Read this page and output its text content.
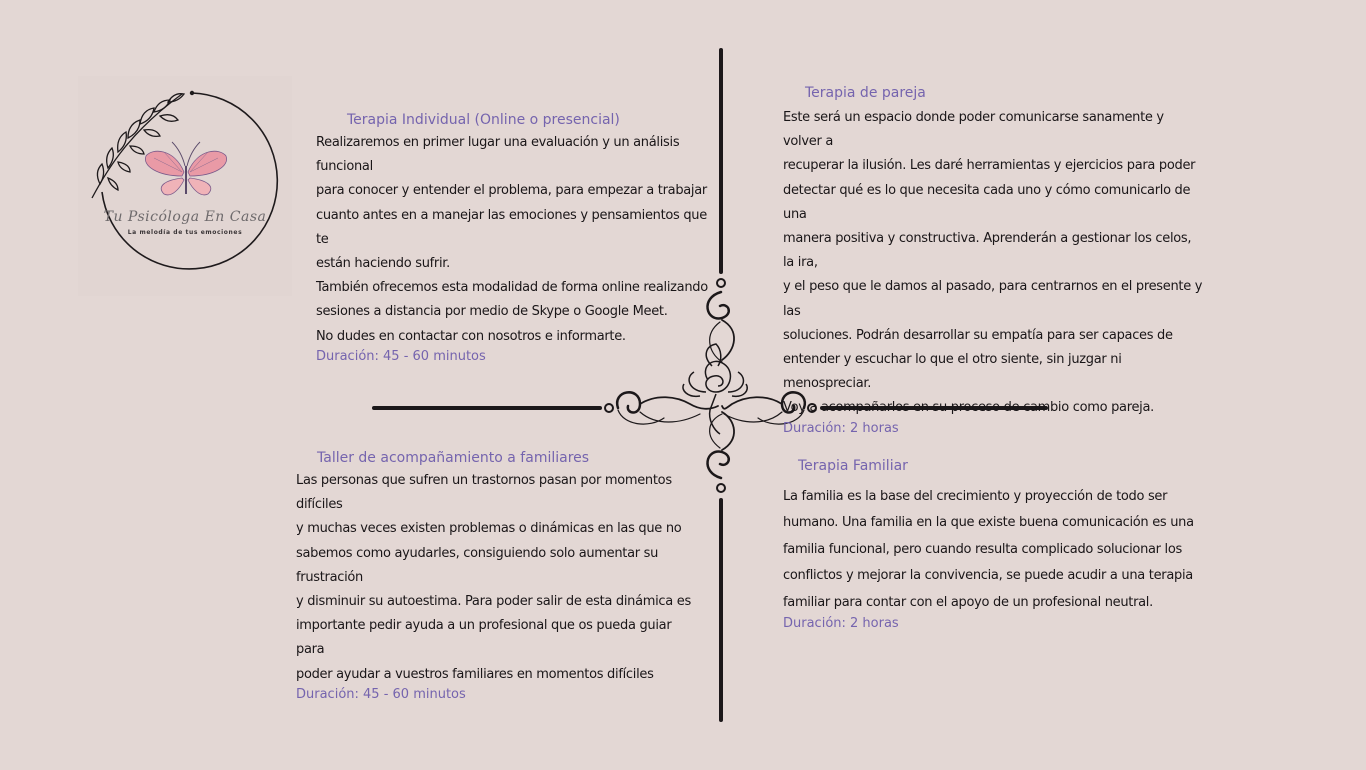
Tu Psicóloga En Casa
La melodía de tus emociones
Terapia Individual (Online o presencial)

Realizaremos en primer lugar una evaluación y un análisis funcional
para conocer y entender el problema, para empezar a trabajar
cuanto antes en a manejar las emociones y pensamientos que te
están haciendo sufrir.
También ofrecemos esta modalidad de forma online realizando
sesiones a distancia por medio de Skype o Google Meet.
No dudes en contactar con nosotros e informarte.

Duración: 45 - 60 minutos
Terapia de pareja

Este será un espacio donde poder comunicarse sanamente y volver a
recuperar la ilusión. Les daré herramientas y ejercicios para poder
detectar qué es lo que necesita cada uno y cómo comunicarlo de una
manera positiva y constructiva. Aprenderán a gestionar los celos, la ira,
y el peso que le damos al pasado, para centrarnos en el presente y las
soluciones. Podrán desarrollar su empatía para ser capaces de
entender y escuchar lo que el otro siente, sin juzgar ni menospreciar.
Voy a acompañarlos en su proceso de cambio como pareja.

Duración: 2 horas
Taller de acompañamiento a familiares

Las personas que sufren un trastornos pasan por momentos difíciles
y muchas veces existen problemas o dinámicas en las que no
sabemos como ayudarles, consiguiendo solo aumentar su frustración
y disminuir su autoestima. Para poder salir de esta dinámica es
importante pedir ayuda a un profesional que os pueda guiar para
poder ayudar a vuestros familiares en momentos difíciles

Duración: 45 - 60 minutos
Terapia Familiar

La familia es la base del crecimiento y proyección de todo ser
humano. Una familia en la que existe buena comunicación es una
familia funcional, pero cuando resulta complicado solucionar los
conflictos y mejorar la convivencia, se puede acudir a una terapia
familiar para contar con el apoyo de un profesional neutral.

Duración: 2 horas
